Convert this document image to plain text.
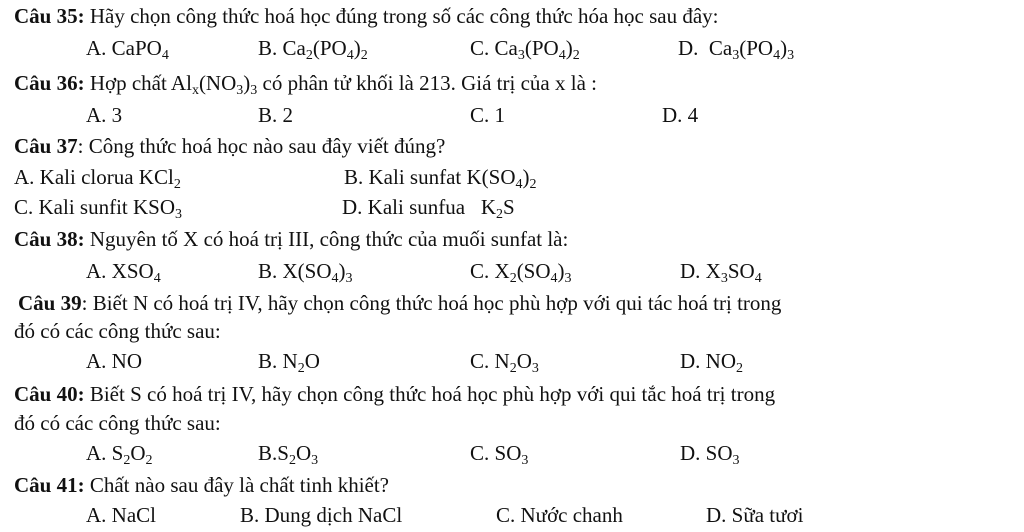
Câu 35: Hãy chọn công thức hoá học đúng trong số các công thức hóa học sau đây:
A. CaPO$_4$	B. $Ca_2(PO_4)_2$	C. $Ca_3(PO_4)_2$	D. $Ca_3(PO_4)_3$
Câu 36: Hợp chất $Al_x(NO_3)_3$ có phân tử khối là 213. Giá trị của x là :
A. 3	B. 2	C. 1	D. 4
Câu 37: Công thức hoá học nào sau đây viết đúng?
A. Kali clorua KCl$_2$	B. Kali sunfat $K(SO_4)_2$
C. Kali sunfit $KSO_3$	D. Kali sunfua   $K_2S$
Câu 38: Nguyên tố X có hoá trị III, công thức của muối sunfat là:
A. $XSO_4$	B. $X(SO_4)_3$	C. $X_2(SO_4)_3$	D. $X_3SO_4$
Câu 39: Biết N có hoá trị IV, hãy chọn công thức hoá học phù hợp với qui tác hoá trị trong
đó có các công thức sau:
A. NO	B. $N_2O$	C. $N_2O_3$	D. $NO_2$
Câu 40: Biết S có hoá trị IV, hãy chọn công thức hoá học phù hợp với qui tắc hoá trị trong
đó có các công thức sau:
A. $S_2O_2$	$B.S_2O_3$	C. $SO_3$	D. $SO_3$
Câu 41: Chất nào sau đây là chất tinh khiết?
A. NaCl	B. Dung dịch NaCl	C. Nước chanh	D. Sữa tươi
